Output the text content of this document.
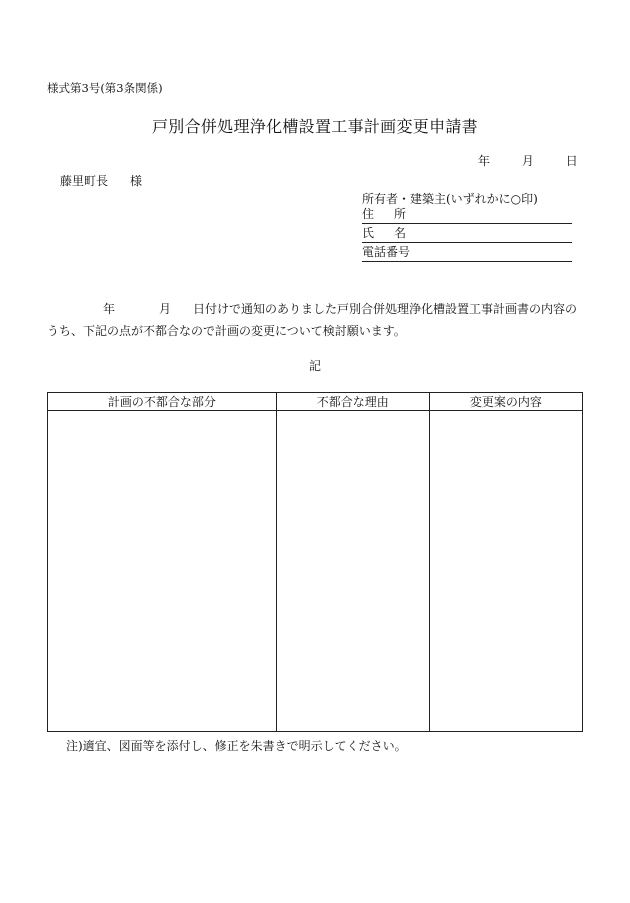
様式第3号(第3条関係)
戸別合併処理浄化槽設置工事計画変更申請書
年	月	日
藤里町長 様
所有者・建築主(いずれかに○印)
住 所
氏 名
電話番号
年	月 日付けで通知のありました戸別合併処理浄化槽設置工事計画書の内容のうち、下記の点が不都合なので計画の変更について検討願います。
記
計画の不都合な部分	不都合な理由	変更案の内容

注)適宜、図面等を添付し、修正を朱書きで明示してください。
